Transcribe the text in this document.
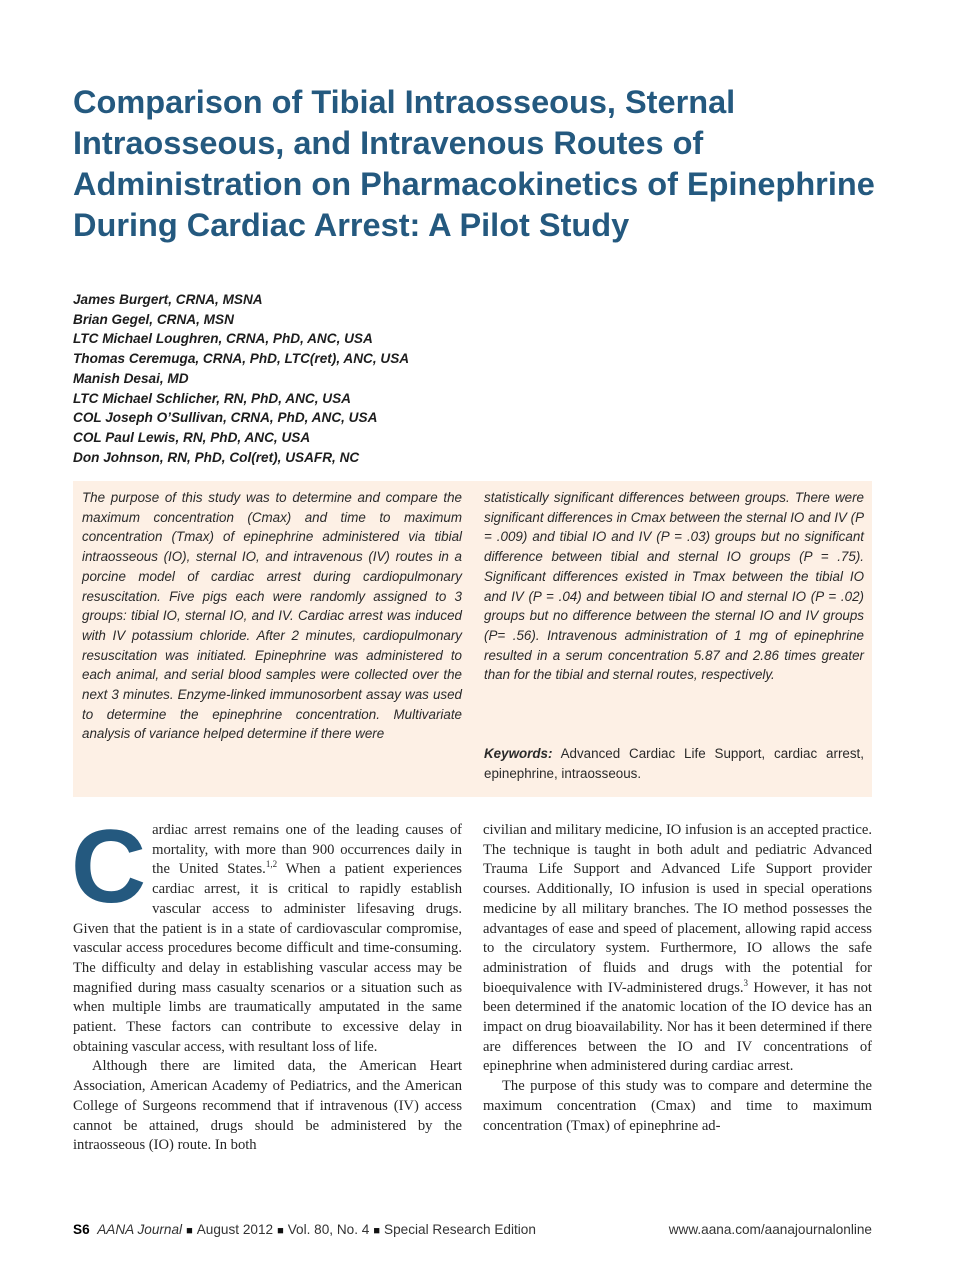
Comparison of Tibial Intraosseous, Sternal Intraosseous, and Intravenous Routes of Administration on Pharmacokinetics of Epinephrine During Cardiac Arrest: A Pilot Study
James Burgert, CRNA, MSNA
Brian Gegel, CRNA, MSN
LTC Michael Loughren, CRNA, PhD, ANC, USA
Thomas Ceremuga, CRNA, PhD, LTC(ret), ANC, USA
Manish Desai, MD
LTC Michael Schlicher, RN, PhD, ANC, USA
COL Joseph O’Sullivan, CRNA, PhD, ANC, USA
COL Paul Lewis, RN, PhD, ANC, USA
Don Johnson, RN, PhD, Col(ret), USAFR, NC

The purpose of this study was to determine and compare the maximum concentration (Cmax) and time to maximum concentration (Tmax) of epinephrine administered via tibial intraosseous (IO), sternal IO, and intravenous (IV) routes in a porcine model of cardiac arrest during cardiopulmonary resuscitation. Five pigs each were randomly assigned to 3 groups: tibial IO, sternal IO, and IV. Cardiac arrest was induced with IV potassium chloride. After 2 minutes, cardiopulmonary resuscitation was initiated. Epinephrine was administered to each animal, and serial blood samples were collected over the next 3 minutes. Enzyme-linked immunosorbent assay was used to determine the epinephrine concentration. Multivariate analysis of variance helped determine if there were

statistically significant differences between groups. There were significant differences in Cmax between the sternal IO and IV (P = .009) and tibial IO and IV (P = .03) groups but no significant difference between tibial and sternal IO groups (P = .75). Significant differences existed in Tmax between the tibial IO and IV (P = .04) and between tibial IO and sternal IO (P = .02) groups but no difference between the sternal IO and IV groups (P= .56). Intravenous administration of 1 mg of epinephrine resulted in a serum concentration 5.87 and 2.86 times greater than for the tibial and sternal routes, respectively.

Keywords: Advanced Cardiac Life Support, cardiac arrest, epinephrine, intraosseous.

Cardiac arrest remains one of the leading causes of mortality, with more than 900 occurrences daily in the United States.$^{1,2}$ When a patient experiences cardiac arrest, it is critical to rapidly establish vascular access to administer lifesaving drugs. Given that the patient is in a state of cardiovascular compromise, vascular access procedures become difficult and time-consuming. The difficulty and delay in establishing vascular access may be magnified during mass casualty scenarios or a situation such as when multiple limbs are traumatically amputated in the same patient. These factors can contribute to excessive delay in obtaining vascular access, with resultant loss of life.

Although there are limited data, the American Heart Association, American Academy of Pediatrics, and the American College of Surgeons recommend that if intravenous (IV) access cannot be attained, drugs should be administered by the intraosseous (IO) route. In both

civilian and military medicine, IO infusion is an accepted practice. The technique is taught in both adult and pediatric Advanced Trauma Life Support and Advanced Life Support provider courses. Additionally, IO infusion is used in special operations medicine by all military branches. The IO method possesses the advantages of ease and speed of placement, allowing rapid access to the circulatory system. Furthermore, IO allows the safe administration of fluids and drugs with the potential for bioequivalence with IV-administered drugs.$^3$ However, it has not been determined if the anatomic location of the IO device has an impact on drug bioavailability. Nor has it been determined if there are differences between the IO and IV concentrations of epinephrine when administered during cardiac arrest.

The purpose of this study was to compare and determine the maximum concentration (Cmax) and time to maximum concentration (Tmax) of epinephrine ad-

S6 AANA Journal ■ August 2012 ■ Vol. 80, No. 4 ■ Special Research Edition	www.aana.com/aanajournalonline
